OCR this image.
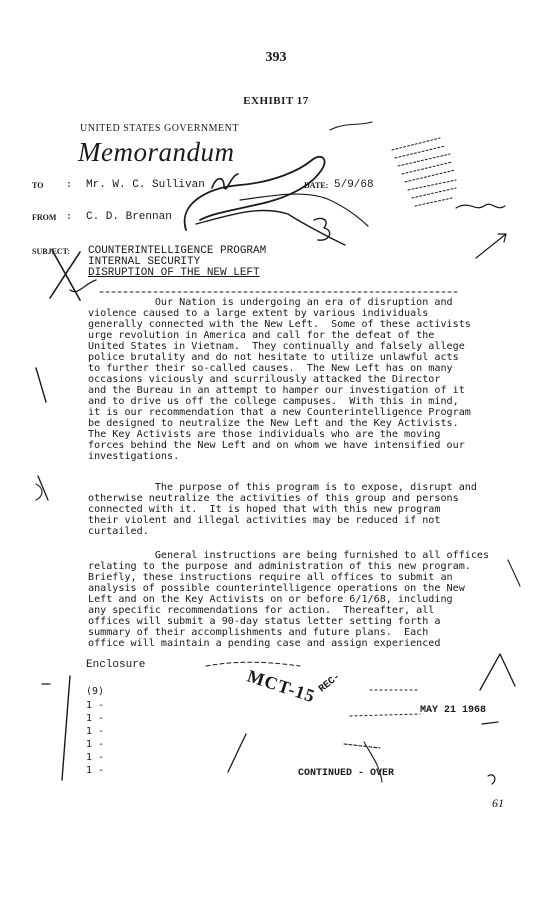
393
EXHIBIT 17
UNITED STATES GOVERNMENT
Memorandum
TO : Mr. W. C. Sullivan	DATE: 5/9/68
FROM : C. D. Brennan
SUBJECT: COUNTERINTELLIGENCE PROGRAM
INTERNAL SECURITY
DISRUPTION OF THE NEW LEFT
Our Nation is undergoing an era of disruption and
violence caused to a large extent by various individuals
generally connected with the New Left.  Some of these activists
urge revolution in America and call for the defeat of the
United States in Vietnam.  They continually and falsely allege
police brutality and do not hesitate to utilize unlawful acts
to further their so-called causes.  The New Left has on many
occasions viciously and scurrilously attacked the Director
and the Bureau in an attempt to hamper our investigation of it
and to drive us off the college campuses.  With this in mind,
it is our recommendation that a new Counterintelligence Program
be designed to neutralize the New Left and the Key Activists.
The Key Activists are those individuals who are the moving
forces behind the New Left and on whom we have intensified our
investigations.
The purpose of this program is to expose, disrupt and
otherwise neutralize the activities of this group and persons
connected with it.  It is hoped that with this new program
their violent and illegal activities may be reduced if not
curtailed.
General instructions are being furnished to all offices
relating to the purpose and administration of this new program.
Briefly, these instructions require all offices to submit an
analysis of possible counterintelligence operations on the New
Left and on the Key Activists on or before 6/1/68, including
any specific recommendations for action.  Thereafter, all
offices will submit a 90-day status letter setting forth a
summary of their accomplishments and future plans.  Each
office will maintain a pending case and assign experienced
Enclosure
(9)
1 -
1 -
1 -
1 -
1 -
1 -
MAY 21 1968
REC-
MCT-15
CONTINUED - OVER
61
